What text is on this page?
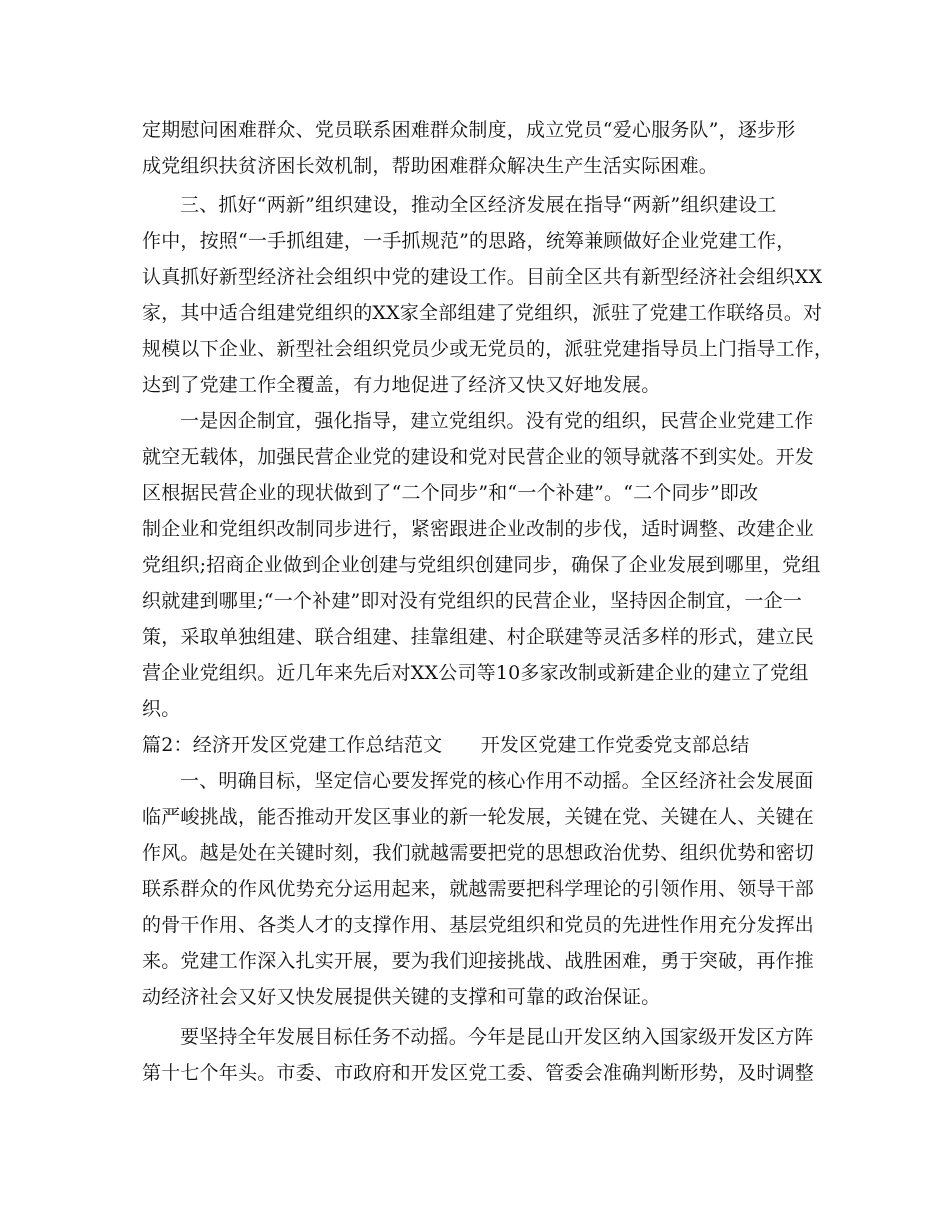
定期慰问困难群众、党员联系困难群众制度，成立党员“爱心服务队”，逐步形
成党组织扶贫济困长效机制，帮助困难群众解决生产生活实际困难。
三、抓好“两新”组织建设，推动全区经济发展在指导“两新”组织建设工
作中，按照“一手抓组建，一手抓规范”的思路，统筹兼顾做好企业党建工作，
认真抓好新型经济社会组织中党的建设工作。目前全区共有新型经济社会组织XX
家，其中适合组建党组织的XX家全部组建了党组织，派驻了党建工作联络员。对
规模以下企业、新型社会组织党员少或无党员的，派驻党建指导员上门指导工作，
达到了党建工作全覆盖，有力地促进了经济又快又好地发展。
一是因企制宜，强化指导，建立党组织。没有党的组织，民营企业党建工作
就空无载体，加强民营企业党的建设和党对民营企业的领导就落不到实处。开发
区根据民营企业的现状做到了“二个同步”和“一个补建”。“二个同步”即改
制企业和党组织改制同步进行，紧密跟进企业改制的步伐，适时调整、改建企业
党组织;招商企业做到企业创建与党组织创建同步，确保了企业发展到哪里，党组
织就建到哪里;“一个补建”即对没有党组织的民营企业，坚持因企制宜，一企一
策，采取单独组建、联合组建、挂靠组建、村企联建等灵活多样的形式，建立民
营企业党组织。近几年来先后对XX公司等10多家改制或新建企业的建立了党组
织。
篇2：经济开发区党建工作总结范文　　开发区党建工作党委党支部总结
一、明确目标，坚定信心要发挥党的核心作用不动摇。全区经济社会发展面
临严峻挑战，能否推动开发区事业的新一轮发展，关键在党、关键在人、关键在
作风。越是处在关键时刻，我们就越需要把党的思想政治优势、组织优势和密切
联系群众的作风优势充分运用起来，就越需要把科学理论的引领作用、领导干部
的骨干作用、各类人才的支撑作用、基层党组织和党员的先进性作用充分发挥出
来。党建工作深入扎实开展，要为我们迎接挑战、战胜困难，勇于突破，再作推
动经济社会又好又快发展提供关键的支撑和可靠的政治保证。
要坚持全年发展目标任务不动摇。今年是昆山开发区纳入国家级开发区方阵
第十七个年头。市委、市政府和开发区党工委、管委会准确判断形势，及时调整
